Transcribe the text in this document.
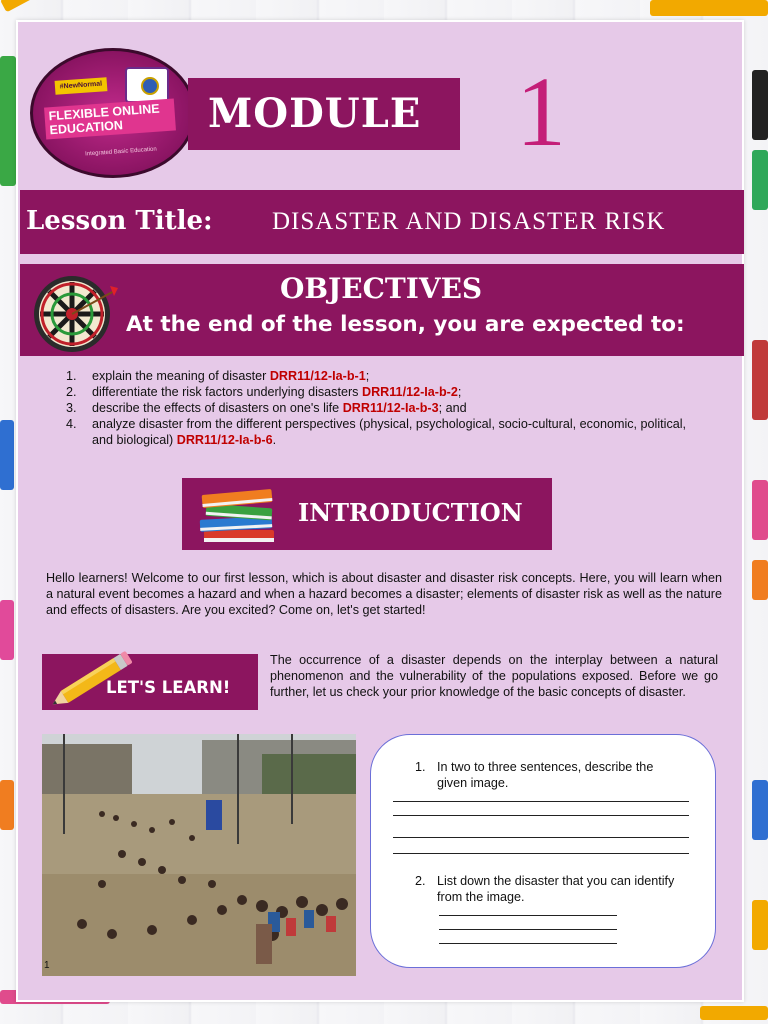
#NewNormal
FLEXIBLE ONLINE EDUCATION
Integrated Basic Education
MODULE 1
Lesson Title: DISASTER AND DISASTER RISK
OBJECTIVES
At the end of the lesson, you are expected to:
1.	explain the meaning of disaster DRR11/12-Ia-b-1;
2.	differentiate the risk factors underlying disasters DRR11/12-Ia-b-2;
3.	describe the effects of disasters on one's life DRR11/12-Ia-b-3; and
4.	analyze disaster from the different perspectives (physical, psychological, socio-cultural, economic, political, and biological) DRR11/12-Ia-b-6.
INTRODUCTION

Hello learners! Welcome to our first lesson, which is about disaster and disaster risk concepts. Here, you will learn when a natural event becomes a hazard and when a hazard becomes a disaster; elements of disaster risk as well as the nature and effects of disasters. Are you excited? Come on, let's get started!

LET'S LEARN!

The occurrence of a disaster depends on the interplay between a natural phenomenon and the vulnerability of the populations exposed. Before we go further, let us check your prior knowledge of the basic concepts of disaster.

1
1. In two to three sentences, describe the given image.
2. List down the disaster that you can identify from the image.
